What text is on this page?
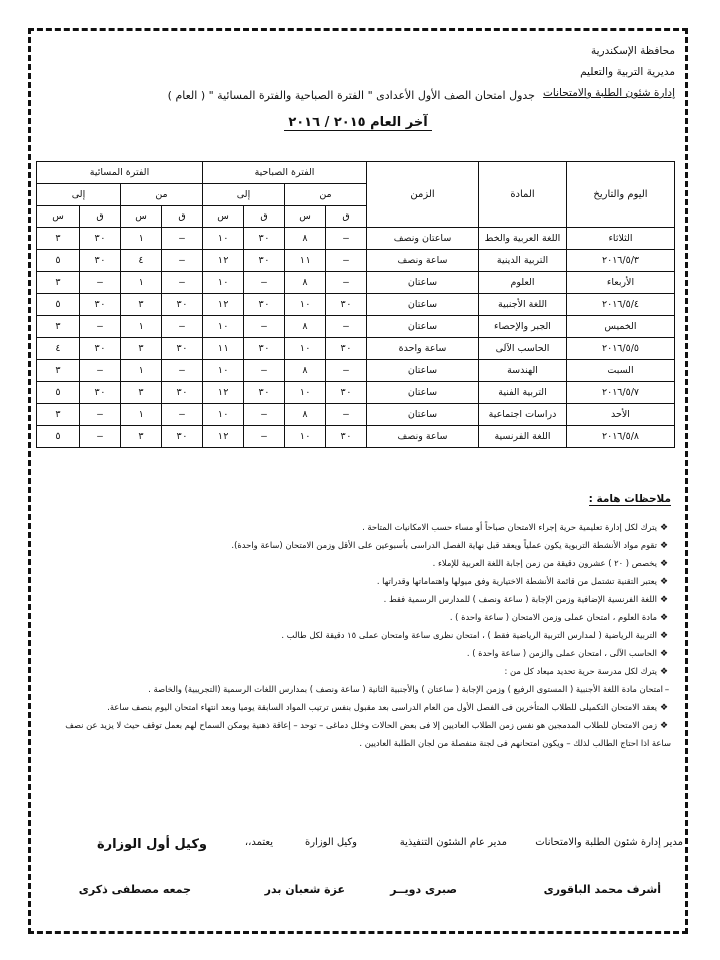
محافظة الإسكندرية
مديرية التربية والتعليم
إدارة شئون الطلبة والامتحانات
جدول امتحان الصف الأول الأعدادى " الفترة الصباحية والفترة المسائية " ( العام )
آخر العام ٢٠١٥ / ٢٠١٦
اليوم والتاريخ	المادة	الزمن	الفترة الصباحية				الفترة المسائية			
			من		إلى		من		إلى	
			ق	س	ق	س	ق	س	ق	س
الثلاثاء	اللغة العربية والخط	ساعتان ونصف	–	٨	٣٠	١٠	–	١	٣٠	٣
٢٠١٦/٥/٣	التربية الدينية	ساعة ونصف	–	١١	٣٠	١٢	–	٤	٣٠	٥
الأربعاء	العلوم	ساعتان	–	٨	–	١٠	–	١	–	٣
٢٠١٦/٥/٤	اللغة الأجنبية	ساعتان	٣٠	١٠	٣٠	١٢	٣٠	٣	٣٠	٥
الخميس	الجبر والإحصاء	ساعتان	–	٨	–	١٠	–	١	–	٣
٢٠١٦/٥/٥	الحاسب الآلى	ساعة واحدة	٣٠	١٠	٣٠	١١	٣٠	٣	٣٠	٤
السبت	الهندسة	ساعتان	–	٨	–	١٠	–	١	–	٣
٢٠١٦/٥/٧	التربية الفنية	ساعتان	٣٠	١٠	٣٠	١٢	٣٠	٣	٣٠	٥
الأحد	دراسات اجتماعية	ساعتان	–	٨	–	١٠	–	١	–	٣
٢٠١٦/٥/٨	اللغة الفرنسية	ساعة ونصف	٣٠	١٠	–	١٢	٣٠	٣	–	٥
ملاحظات هامة :
❖يترك لكل إدارة تعليمية حرية إجراء الامتحان صباحاً أو مساء حسب الامكانيات المتاحة .
❖تقوم مواد الأنشطة التربوية يكون عملياً ويعقد قبل نهاية الفصل الدراسى بأسبوعين على الأقل وزمن الامتحان (ساعة واحدة).
❖يخصص ( ٢٠ ) عشرون دقيقة من زمن إجابة اللغة العربية للإملاء .
❖يعتبر التقنية تشتمل من قائمة الأنشطة الاختيارية وفق ميولها واهتماماتها وقدراتها .
❖اللغة الفرنسية الإضافية وزمن الإجابة ( ساعة ونصف ) للمدارس الرسمية فقط .
❖مادة العلوم ، امتحان عملى وزمن الامتحان ( ساعة واحدة ) .
❖التربية الرياضية ( لمدارس التربية الرياضية فقط ) ، امتحان نظرى ساعة وامتحان عملى ١٥ دقيقة لكل طالب .
❖الحاسب الآلى ، امتحان عملى والزمن ( ساعة واحدة ) .
❖يترك لكل مدرسة حرية تحديد ميعاد كل من :
–امتحان مادة اللغة الأجنبية ( المستوى الرفيع ) وزمن الإجابة ( ساعتان ) والأجنبية الثانية ( ساعة ونصف ) بمدارس اللغات الرسمية (التجريبية) والخاصة .
❖يعقد الامتحان التكميلى للطلاب المتأخرين فى الفصل الأول من العام الدراسى بعد مقبول بنفس ترتيب المواد السابقة يوميا وبعد انتهاء امتحان اليوم بنصف ساعة.
❖زمن الامتحان للطلاب المدمجين هو نفس زمن الطلاب العاديين إلا فى بعض الحالات وخلل دماغى – توحد – إعاقة ذهنية يومكن السماح لهم بعمل توقف حيث لا يزيد عن نصف ساعة اذا احتاج الطالب لذلك – ويكون امتحانهم فى لجنة منفصلة من لجان الطلبة العاديين .
مدير إدارة شئون الطلبة والامتحانات
مدير عام الشئون التنفيذية
وكيل الوزارة
يعتمد،،
وكيل أول الوزارة
أشرف محمد الباقورى
صبرى دويــر
عزة شعبان بدر
جمعه مصطفى ذكرى
